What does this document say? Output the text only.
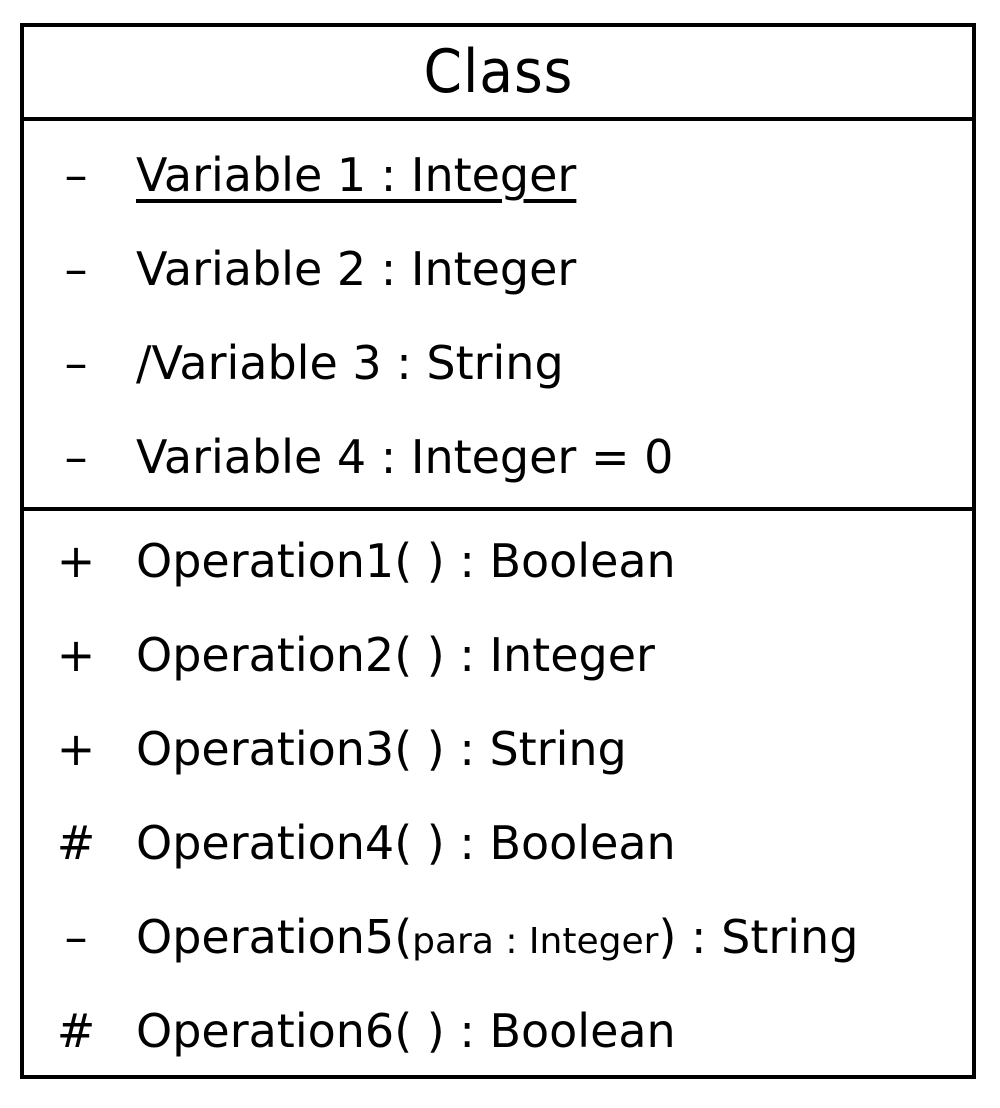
Class
– Variable 1 : Integer
– Variable 2 : Integer
– /Variable 3 : String
– Variable 4 : Integer = 0
+ Operation1( ) : Boolean
+ Operation2( ) : Integer
+ Operation3( ) : String
# Operation4( ) : Boolean
– Operation5(para : Integer) : String
# Operation6( ) : Boolean
